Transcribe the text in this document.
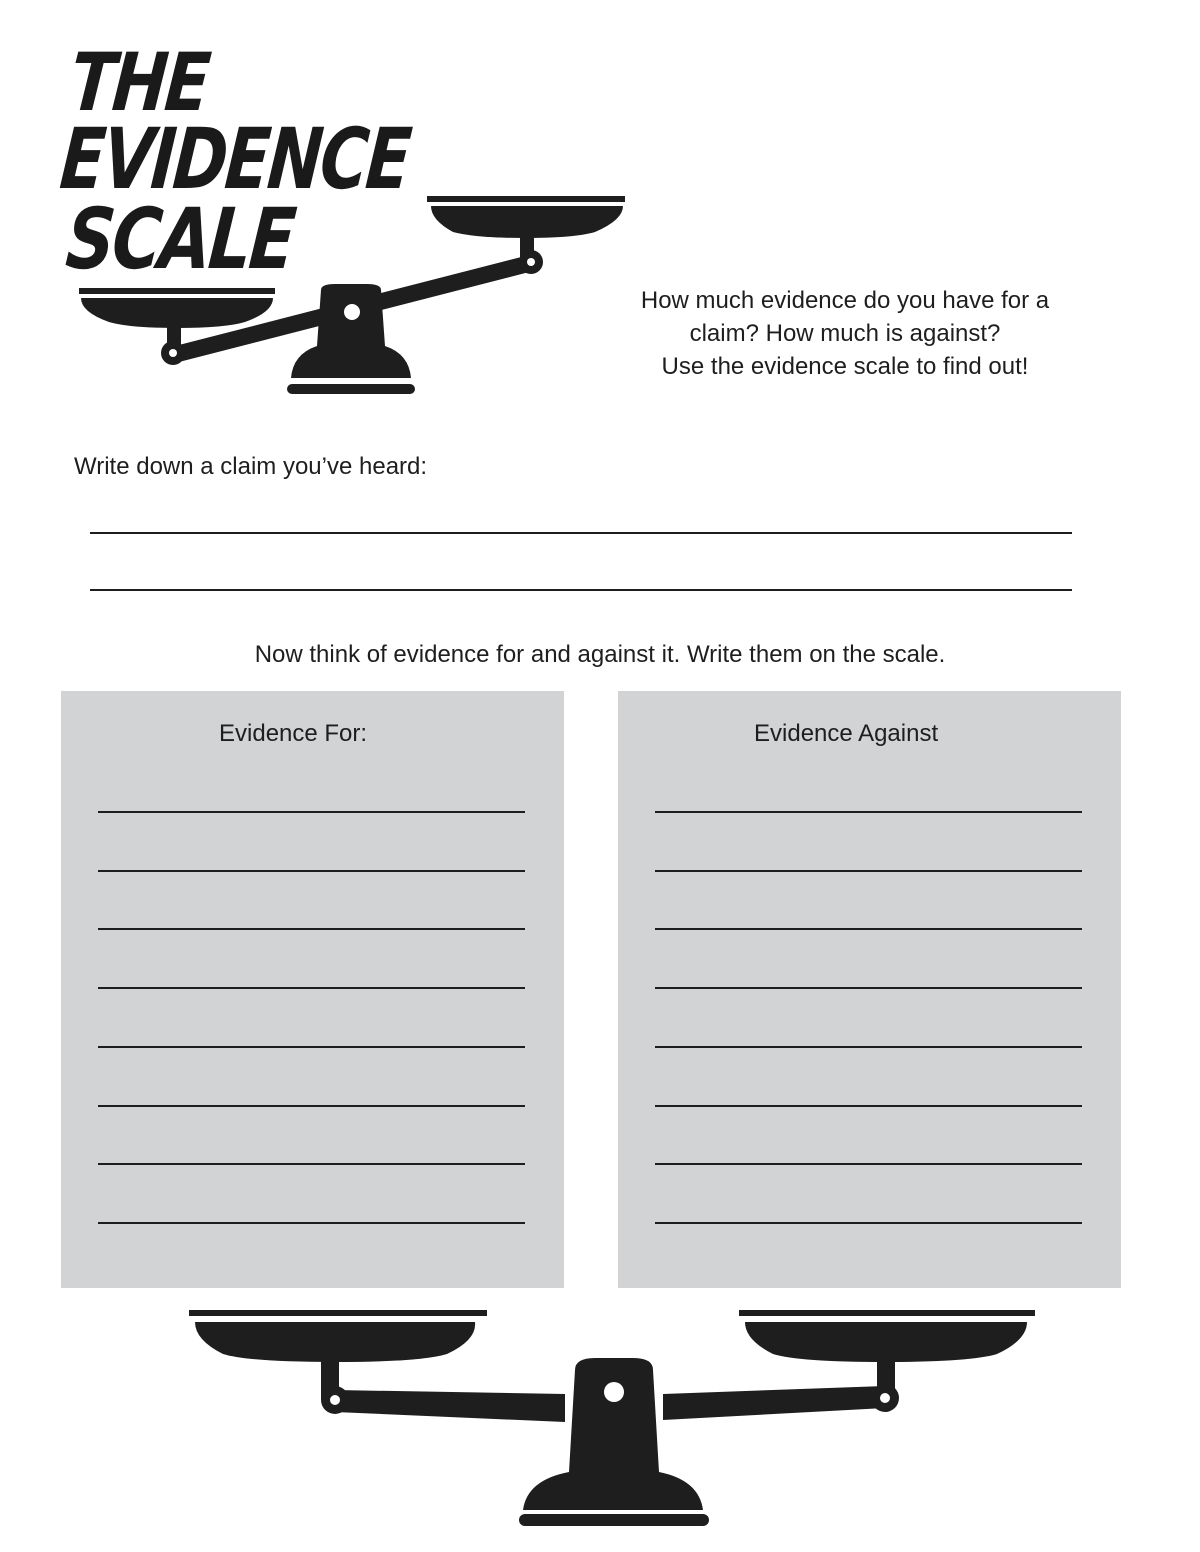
THE
EVIDENCE
SCALE
How much evidence do you have for a
claim? How much is against?
Use the evidence scale to find out!
Write down a claim you’ve heard:
Now think of evidence for and against it. Write them on the scale.
Evidence For:	Evidence Against
